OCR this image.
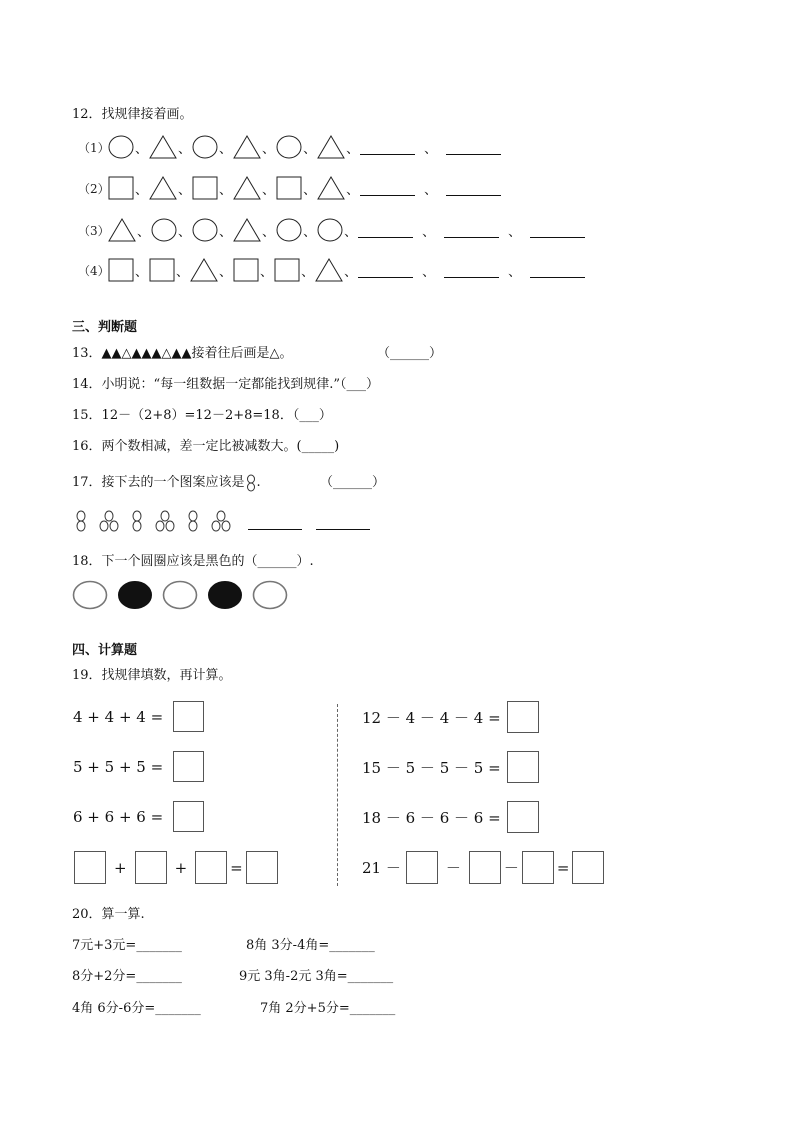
12．找规律接着画。
（1） 、 、 、 、 、 、	、
（2） 、 、 、 、 、 、	、
（3） 、 、 、 、 、 、	、	、
（4） 、 、 、 、 、 、	、	、
三、判断题
13．▲▲△▲▲▲△▲▲接着往后画是△。	（______）
14．小明说：“每一组数据一定都能找到规律.”（___）
15．12－（2+8）=12－2+8=18．（___）
16．两个数相减，差一定比被减数大。(_____)
17．接下去的一个图案应该是 .	（______）
18．下一个圆圈应该是黑色的（______）.
四、计算题
19．找规律填数，再计算。
4 + 4 + 4 =
5 + 5 + 5 =
6 + 6 + 6 =
+	+	=
12 － 4 － 4 － 4 =
15 － 5 － 5 － 5 =
18 － 6 － 6 － 6 =
21 －	－	－	=
20．算一算.
7元+3元=_______	8角 3分-4角=_______
8分+2分=_______	9元 3角-2元 3角=_______
4角 6分-6分=_______	7角 2分+5分=_______
